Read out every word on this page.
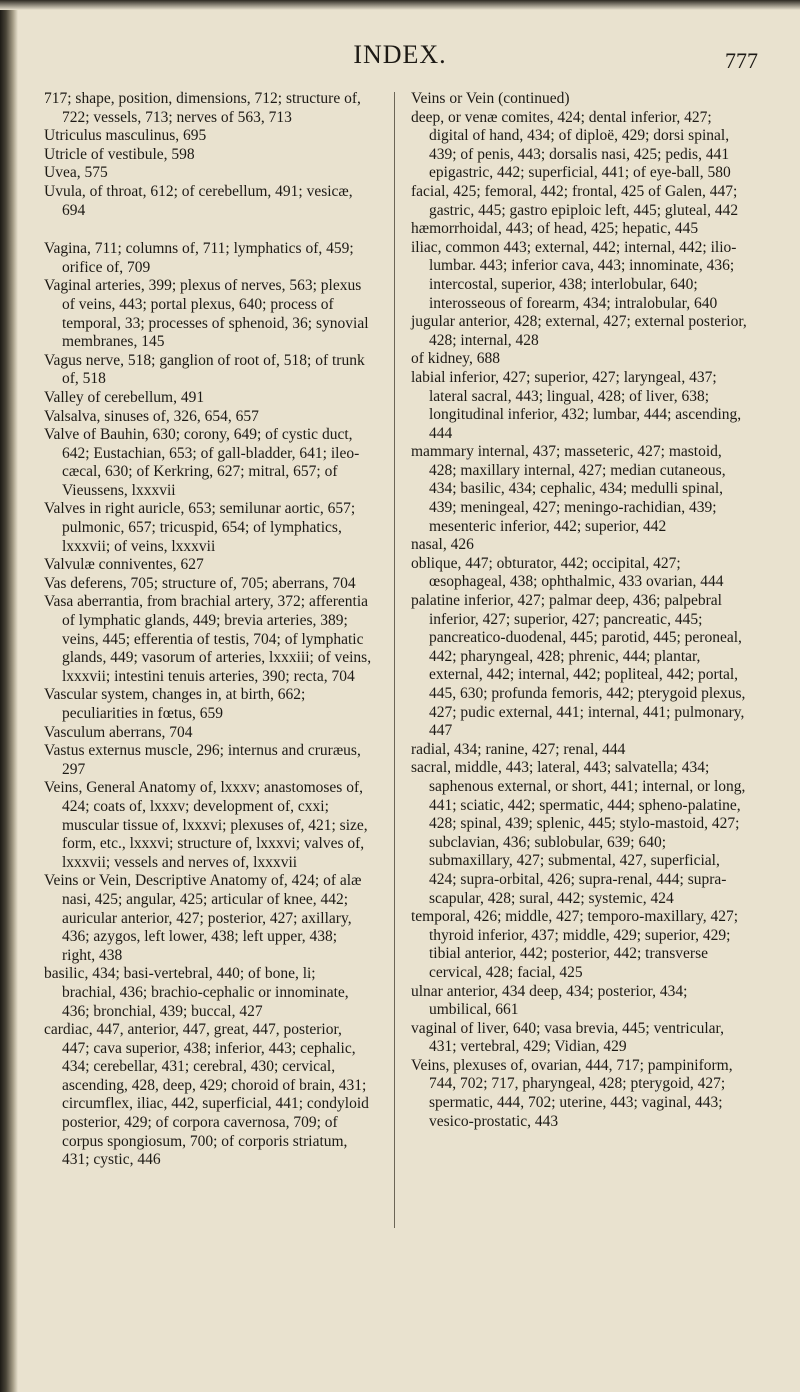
INDEX.	777
717; shape, position, dimensions, 712; structure of, 722; vessels, 713; nerves of 563, 713
Utriculus masculinus, 695
Utricle of vestibule, 598
Uvea, 575
Uvula, of throat, 612; of cerebellum, 491; vesicæ, 694
Vagina, 711; columns of, 711; lymphatics of, 459; orifice of, 709
Vaginal arteries, 399; plexus of nerves, 563; plexus of veins, 443; portal plexus, 640; process of temporal, 33; processes of sphenoid, 36; synovial membranes, 145
Vagus nerve, 518; ganglion of root of, 518; of trunk of, 518
Valley of cerebellum, 491
Valsalva, sinuses of, 326, 654, 657
Valve of Bauhin, 630; corony, 649; of cystic duct, 642; Eustachian, 653; of gall-bladder, 641; ileo-cæcal, 630; of Kerkring, 627; mitral, 657; of Vieussens, lxxxvii
Valves in right auricle, 653; semilunar aortic, 657; pulmonic, 657; tricuspid, 654; of lymphatics, lxxxvii; of veins, lxxxvii
Valvulæ conniventes, 627
Vas deferens, 705; structure of, 705; aberrans, 704
Vasa aberrantia, from brachial artery, 372; afferentia of lymphatic glands, 449; brevia arteries, 389; veins, 445; efferentia of testis, 704; of lymphatic glands, 449; vasorum of arteries, lxxxiii; of veins, lxxxvii; intestini tenuis arteries, 390; recta, 704
Vascular system, changes in, at birth, 662; peculiarities in fœtus, 659
Vasculum aberrans, 704
Vastus externus muscle, 296; internus and cruræus, 297
Veins, General Anatomy of, lxxxv; anastomoses of, 424; coats of, lxxxv; development of, cxxi; muscular tissue of, lxxxvi; plexuses of, 421; size, form, etc., lxxxvi; structure of, lxxxvi; valves of, lxxxvii; vessels and nerves of, lxxxvii
Veins or Vein, Descriptive Anatomy of, 424; of alæ nasi, 425; angular, 425; articular of knee, 442; auricular anterior, 427; posterior, 427; axillary, 436; azygos, left lower, 438; left upper, 438; right, 438
basilic, 434; basi-vertebral, 440; of bone, li; brachial, 436; brachio-cephalic or innominate, 436; bronchial, 439; buccal, 427
cardiac, 447, anterior, 447, great, 447, posterior, 447; cava superior, 438; inferior, 443; cephalic, 434; cerebellar, 431; cerebral, 430; cervical, ascending, 428, deep, 429; choroid of brain, 431; circumflex, iliac, 442, superficial, 441; condyloid posterior, 429; of corpora cavernosa, 709; of corpus spongiosum, 700; of corporis striatum, 431; cystic, 446
Veins or Vein (continued)
deep, or venæ comites, 424; dental inferior, 427; digital of hand, 434; of diploë, 429; dorsi spinal, 439; of penis, 443; dorsalis nasi, 425; pedis, 441 epigastric, 442; superficial, 441; of eye-ball, 580
facial, 425; femoral, 442; frontal, 425 of Galen, 447; gastric, 445; gastro epiploic left, 445; gluteal, 442
hæmorrhoidal, 443; of head, 425; hepatic, 445
iliac, common 443; external, 442; internal, 442; ilio-lumbar. 443; inferior cava, 443; innominate, 436; intercostal, superior, 438; interlobular, 640; interosseous of forearm, 434; intralobular, 640
jugular anterior, 428; external, 427; external posterior, 428; internal, 428
of kidney, 688
labial inferior, 427; superior, 427; laryngeal, 437; lateral sacral, 443; lingual, 428; of liver, 638; longitudinal inferior, 432; lumbar, 444; ascending, 444
mammary internal, 437; masseteric, 427; mastoid, 428; maxillary internal, 427; median cutaneous, 434; basilic, 434; cephalic, 434; medulli spinal, 439; meningeal, 427; meningo-rachidian, 439; mesenteric inferior, 442; superior, 442
nasal, 426
oblique, 447; obturator, 442; occipital, 427; œsophageal, 438; ophthalmic, 433 ovarian, 444
palatine inferior, 427; palmar deep, 436; palpebral inferior, 427; superior, 427; pancreatic, 445; pancreatico-duodenal, 445; parotid, 445; peroneal, 442; pharyngeal, 428; phrenic, 444; plantar, external, 442; internal, 442; popliteal, 442; portal, 445, 630; profunda femoris, 442; pterygoid plexus, 427; pudic external, 441; internal, 441; pulmonary, 447
radial, 434; ranine, 427; renal, 444
sacral, middle, 443; lateral, 443; salvatella; 434; saphenous external, or short, 441; internal, or long, 441; sciatic, 442; spermatic, 444; spheno-palatine, 428; spinal, 439; splenic, 445; stylo-mastoid, 427; subclavian, 436; sublobular, 639; 640; submaxillary, 427; submental, 427, superficial, 424; supra-orbital, 426; supra-renal, 444; supra-scapular, 428; sural, 442; systemic, 424
temporal, 426; middle, 427; temporo-maxillary, 427; thyroid inferior, 437; middle, 429; superior, 429; tibial anterior, 442; posterior, 442; transverse cervical, 428; facial, 425
ulnar anterior, 434 deep, 434; posterior, 434; umbilical, 661
vaginal of liver, 640; vasa brevia, 445; ventricular, 431; vertebral, 429; Vidian, 429
Veins, plexuses of, ovarian, 444, 717; pampiniform, 744, 702; 717, pharyngeal, 428; pterygoid, 427; spermatic, 444, 702; uterine, 443; vaginal, 443; vesico-prostatic, 443
